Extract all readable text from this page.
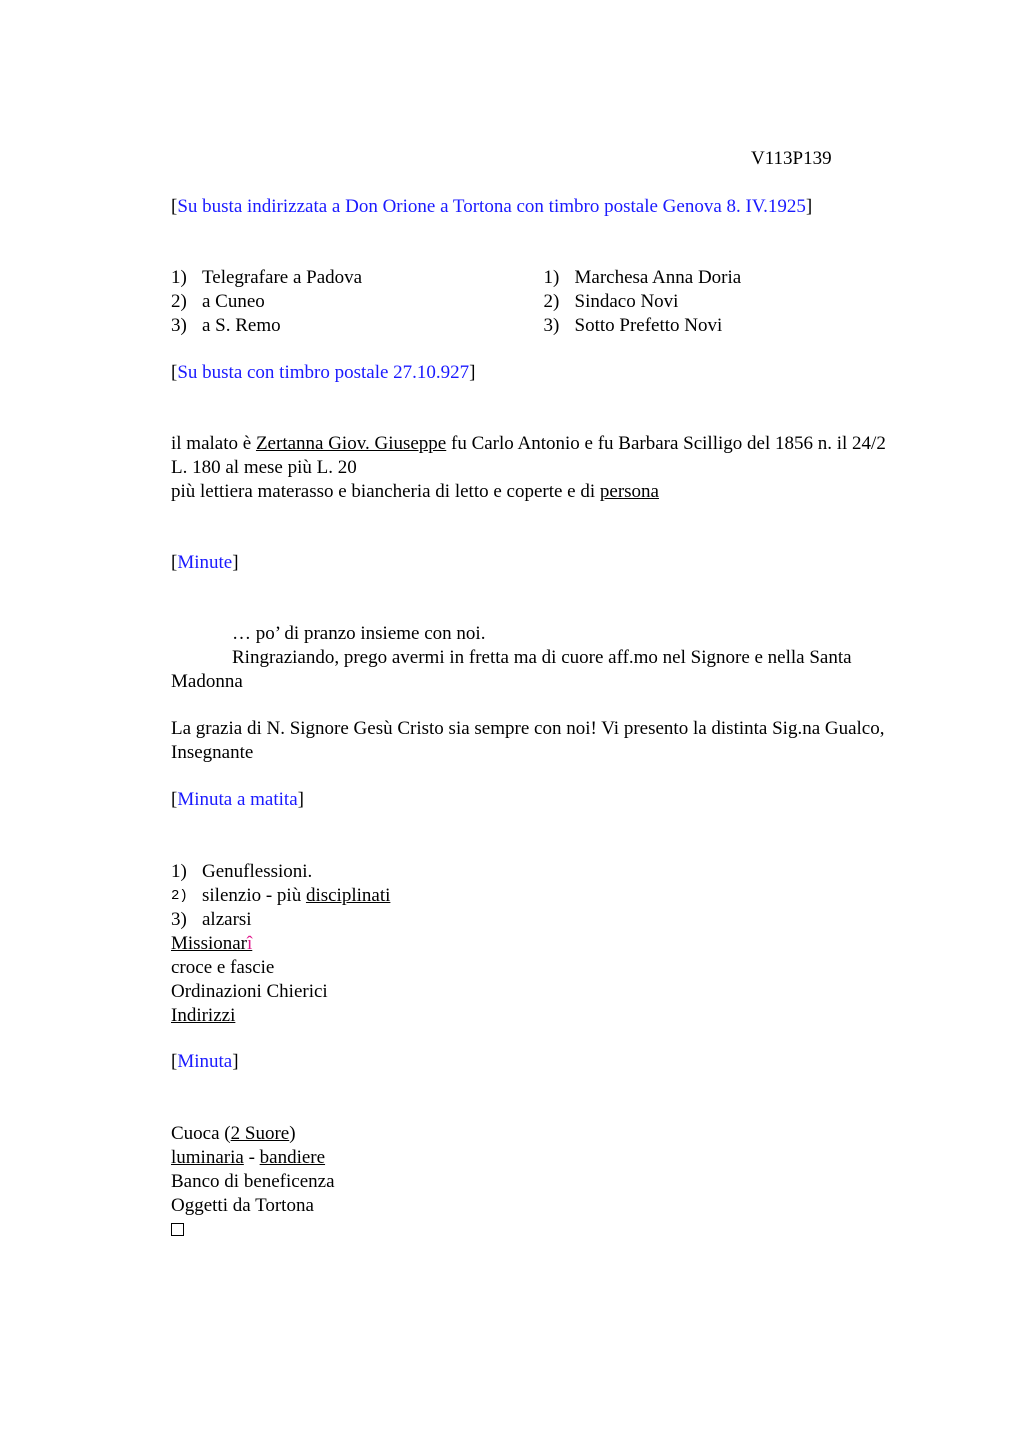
V113P139
[Su busta indirizzata a Don Orione a Tortona con timbro postale Genova 8. IV.1925]
1) Telegrafare a Padova
2) a Cuneo
3) a S. Remo
1) Marchesa Anna Doria
2) Sindaco Novi
3) Sotto Prefetto Novi
[Su busta con timbro postale 27.10.927]
il malato è Zertanna Giov. Giuseppe fu Carlo Antonio e fu Barbara Scilligo del 1856 n. il 24/2
L. 180 al mese più L. 20
più lettiera materasso e biancheria di letto e coperte e di persona
[Minute]
… po’ di pranzo insieme con noi.
Ringraziando, prego avermi in fretta ma di cuore aff.mo nel Signore e nella Santa Madonna
La grazia di N. Signore Gesù Cristo sia sempre con noi! Vi presento la distinta Sig.na Gualco, Insegnante
[Minuta a matita]
1) Genuflessioni.
2) silenzio - più disciplinati
3) alzarsi
Missionarî
croce e fascie
Ordinazioni Chierici
Indirizzi
[Minuta]
Cuoca (2 Suore)
luminaria - bandiere
Banco di beneficenza
Oggetti da Tortona
